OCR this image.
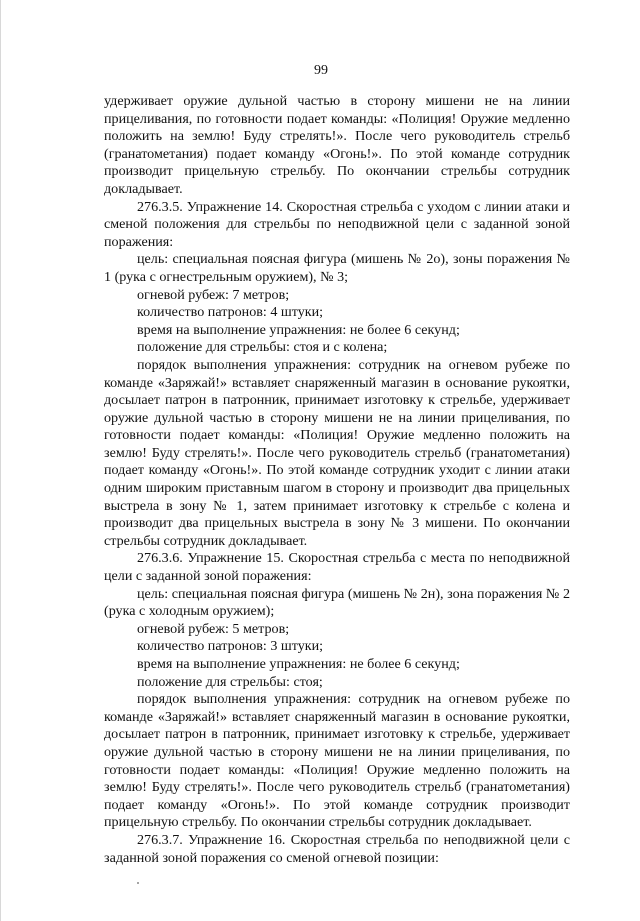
99

удерживает оружие дульной частью в сторону мишени не на линии прицеливания, по готовности подает команды: «Полиция! Оружие медленно положить на землю! Буду стрелять!». После чего руководитель стрельб (гранатометания) подает команду «Огонь!». По этой команде сотрудник производит прицельную стрельбу. По окончании стрельбы сотрудник докладывает.

276.3.5. Упражнение 14. Скоростная стрельба с уходом с линии атаки и сменой положения для стрельбы по неподвижной цели с заданной зоной поражения:

цель: специальная поясная фигура (мишень № 2о), зоны поражения № 1 (рука с огнестрельным оружием), № 3;

огневой рубеж: 7 метров;

количество патронов: 4 штуки;

время на выполнение упражнения: не более 6 секунд;

положение для стрельбы: стоя и с колена;

порядок выполнения упражнения: сотрудник на огневом рубеже по команде «Заряжай!» вставляет снаряженный магазин в основание рукоятки, досылает патрон в патронник, принимает изготовку к стрельбе, удерживает оружие дульной частью в сторону мишени не на линии прицеливания, по готовности подает команды: «Полиция! Оружие медленно положить на землю! Буду стрелять!». После чего руководитель стрельб (гранатометания) подает команду «Огонь!». По этой команде сотрудник уходит с линии атаки одним широким приставным шагом в сторону и производит два прицельных выстрела в зону № 1, затем принимает изготовку к стрельбе с колена и производит два прицельных выстрела в зону № 3 мишени. По окончании стрельбы сотрудник докладывает.

276.3.6. Упражнение 15. Скоростная стрельба с места по неподвижной цели с заданной зоной поражения:

цель: специальная поясная фигура (мишень № 2н), зона поражения № 2 (рука с холодным оружием);

огневой рубеж: 5 метров;

количество патронов: 3 штуки;

время на выполнение упражнения: не более 6 секунд;

положение для стрельбы: стоя;

порядок выполнения упражнения: сотрудник на огневом рубеже по команде «Заряжай!» вставляет снаряженный магазин в основание рукоятки, досылает патрон в патронник, принимает изготовку к стрельбе, удерживает оружие дульной частью в сторону мишени не на линии прицеливания, по готовности подает команды: «Полиция! Оружие медленно положить на землю! Буду стрелять!». После чего руководитель стрельб (гранатометания) подает команду «Огонь!». По этой команде сотрудник производит прицельную стрельбу. По окончании стрельбы сотрудник докладывает.

276.3.7. Упражнение 16. Скоростная стрельба по неподвижной цели с заданной зоной поражения со сменой огневой позиции:
